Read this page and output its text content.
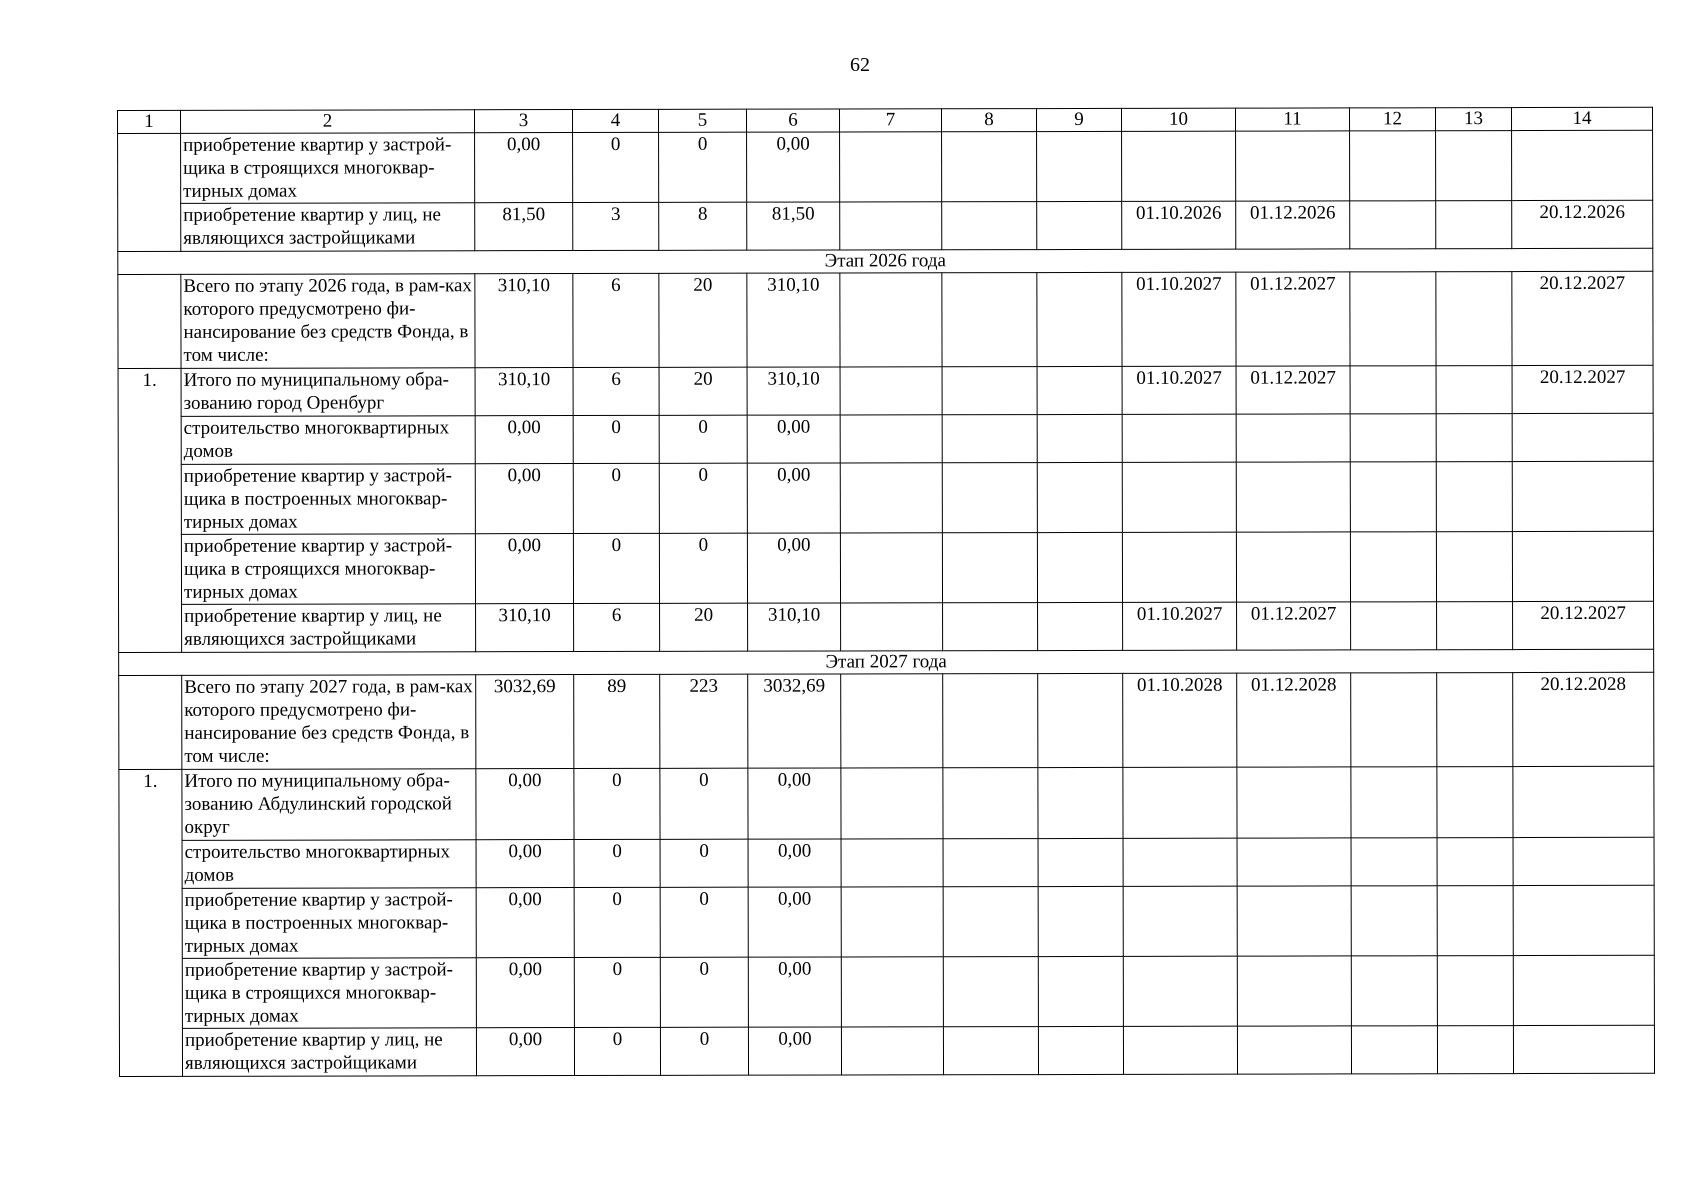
62
1	2	3	4	5	6	7	8	9	10	11	12	13	14
	приобретение квартир у застрой-щика в строящихся многоквар-тирных домах	0,00	0	0	0,00								
	приобретение квартир у лиц, не являющихся застройщиками	81,50	3	8	81,50				01.10.2026	01.12.2026			20.12.2026
Этап 2026 года													
	Всего по этапу 2026 года, в рам-ках которого предусмотрено фи-нансирование без средств Фонда, в том числе:	310,10	6	20	310,10				01.10.2027	01.12.2027			20.12.2027
1.	Итого по муниципальному обра-зованию город Оренбург	310,10	6	20	310,10				01.10.2027	01.12.2027			20.12.2027
	строительство многоквартирных домов	0,00	0	0	0,00								
	приобретение квартир у застрой-щика в построенных многоквар-тирных домах	0,00	0	0	0,00								
	приобретение квартир у застрой-щика в строящихся многоквар-тирных домах	0,00	0	0	0,00								
	приобретение квартир у лиц, не являющихся застройщиками	310,10	6	20	310,10				01.10.2027	01.12.2027			20.12.2027
Этап 2027 года													
	Всего по этапу 2027 года, в рам-ках которого предусмотрено фи-нансирование без средств Фонда, в том числе:	3032,69	89	223	3032,69				01.10.2028	01.12.2028			20.12.2028
1.	Итого по муниципальному обра-зованию Абдулинский городской округ	0,00	0	0	0,00								
	строительство многоквартирных домов	0,00	0	0	0,00								
	приобретение квартир у застрой-щика в построенных многоквар-тирных домах	0,00	0	0	0,00								
	приобретение квартир у застрой-щика в строящихся многоквар-тирных домах	0,00	0	0	0,00								
	приобретение квартир у лиц, не являющихся застройщиками	0,00	0	0	0,00								
